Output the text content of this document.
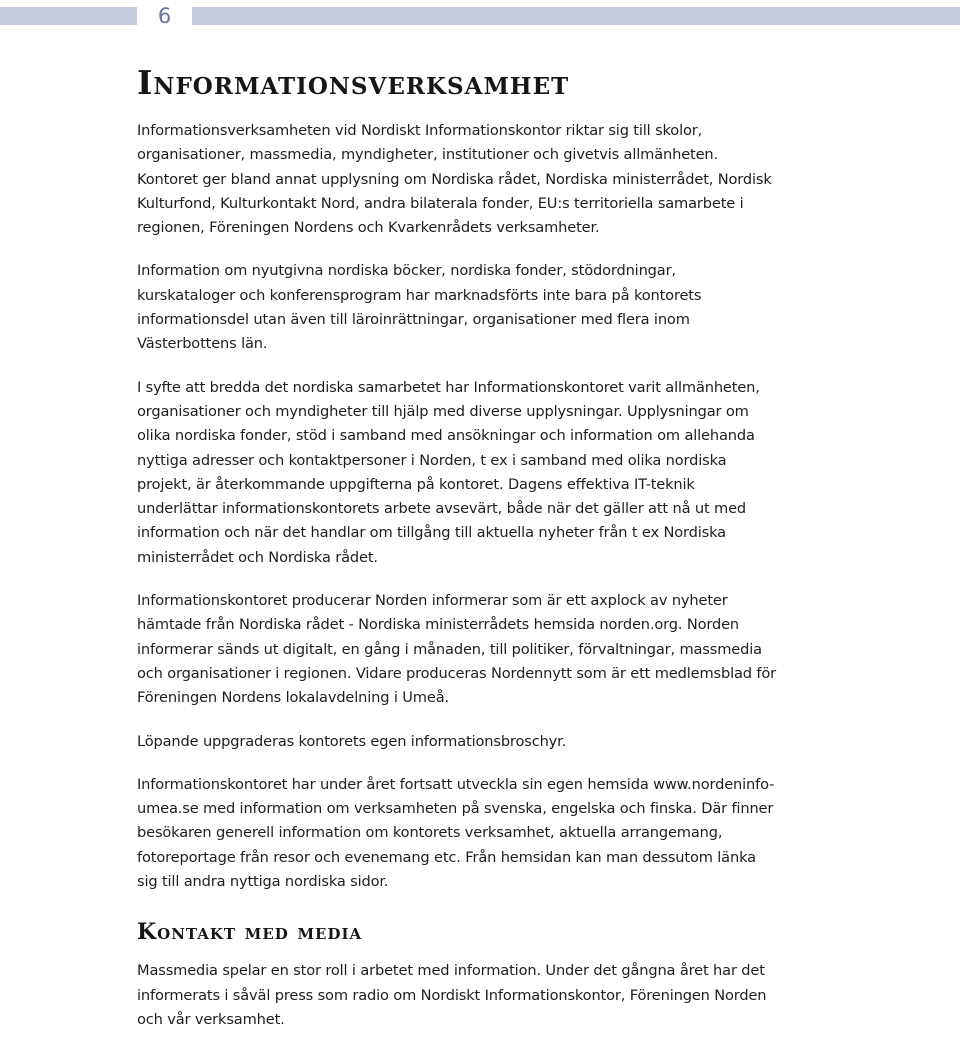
6
Informationsverksamhet

Informationsverksamheten vid Nordiskt Informationskontor riktar sig till skolor, organisationer, massmedia, myndigheter, institutioner och givetvis allmänheten. Kontoret ger bland annat upplysning om Nordiska rådet, Nordiska ministerrådet, Nordisk Kulturfond, Kulturkontakt Nord, andra bilaterala fonder, EU:s territoriella samarbete i regionen, Föreningen Nordens och Kvarkenrådets verksamheter.

Information om nyutgivna nordiska böcker, nordiska fonder, stödordningar, kurskataloger och konferensprogram har marknadsförts inte bara på kontorets informationsdel utan även till läroinrättningar, organisationer med flera inom Västerbottens län.

I syfte att bredda det nordiska samarbetet har Informationskontoret varit allmänheten, organisationer och myndigheter till hjälp med diverse upplysningar. Upplysningar om olika nordiska fonder, stöd i samband med ansökningar och information om allehanda nyttiga adresser och kontaktpersoner i Norden, t ex i samband med olika nordiska projekt, är återkommande uppgifterna på kontoret. Dagens effektiva IT-teknik underlättar informationskontorets arbete avsevärt, både när det gäller att nå ut med information och när det handlar om tillgång till aktuella nyheter från t ex Nordiska ministerrådet och Nordiska rådet.

Informationskontoret producerar Norden informerar som är ett axplock av nyheter hämtade från Nordiska rådet - Nordiska ministerrådets hemsida norden.org. Norden informerar sänds ut digitalt, en gång i månaden, till politiker, förvaltningar, massmedia och organisationer i regionen. Vidare produceras Nordennytt som är ett medlemsblad för Föreningen Nordens lokalavdelning i Umeå.

Löpande uppgraderas kontorets egen informationsbroschyr.

Informationskontoret har under året fortsatt utveckla sin egen hemsida www.nordeninfo-umea.se med information om verksamheten på svenska, engelska och finska. Där finner besökaren generell information om kontorets verksamhet, aktuella arrangemang, fotoreportage från resor och evenemang etc. Från hemsidan kan man dessutom länka sig till andra nyttiga nordiska sidor.

Kontakt med media

Massmedia spelar en stor roll i arbetet med information. Under det gångna året har det informerats i såväl press som radio om Nordiskt Informationskontor, Föreningen Norden och vår verksamhet.
